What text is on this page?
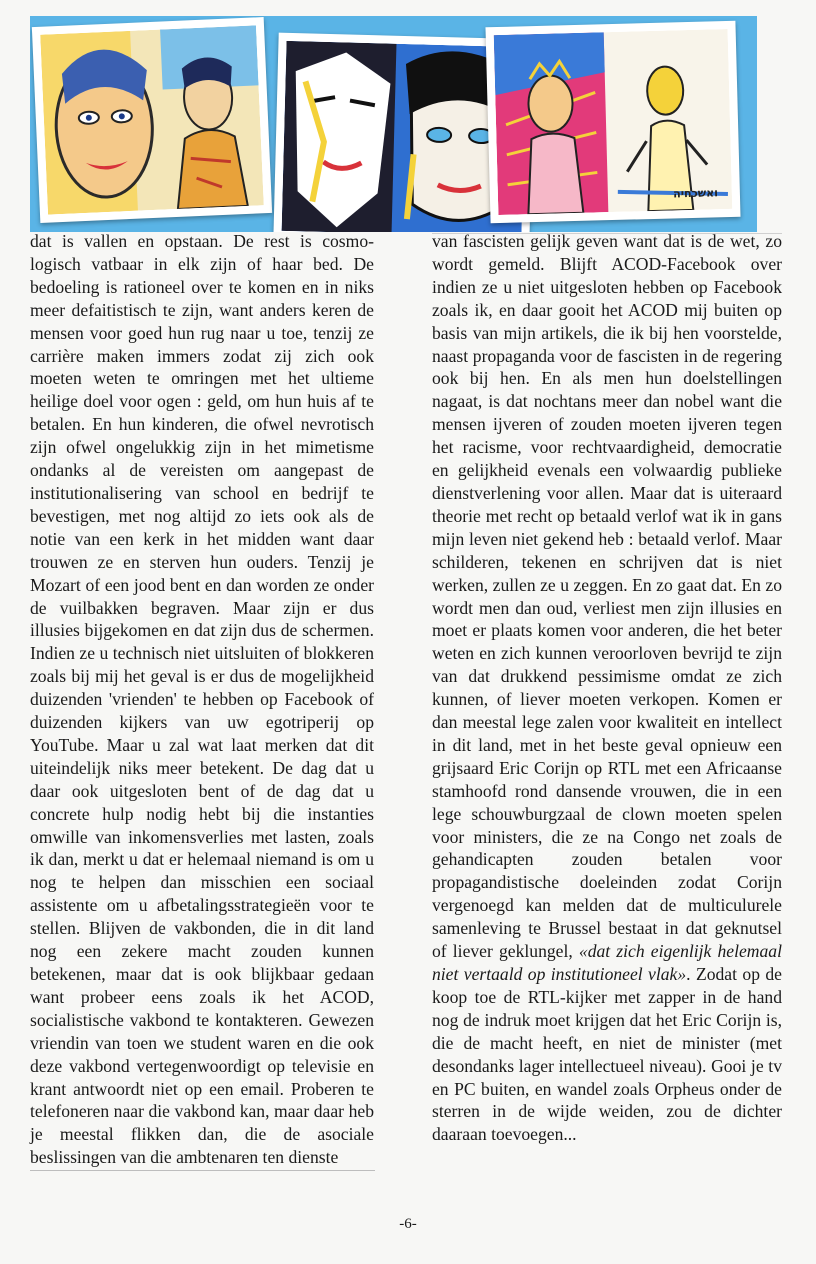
ואשכחיה
dat is vallen en opstaan. De rest is cosmo-logisch vatbaar in elk zijn of haar bed. De bedoeling is rationeel over te komen en in niks meer defaitistisch te zijn, want anders keren de mensen voor goed hun rug naar u toe, tenzij ze carrière maken immers zodat zij zich ook moeten weten te omringen met het ultieme heilige doel voor ogen : geld, om hun huis af te betalen. En hun kinderen, die ofwel nevrotisch zijn ofwel ongelukkig zijn in het mimetisme ondanks al de vereisten om aangepast de institutionalisering van school en bedrijf te bevestigen, met nog altijd zo iets ook als de notie van een kerk in het midden want daar trouwen ze en sterven hun ouders. Tenzij je Mozart of een jood bent en dan worden ze onder de vuilbakken begraven. Maar zijn er dus illusies bijgekomen en dat zijn dus de schermen. Indien ze u technisch niet uitsluiten of blokkeren zoals bij mij het geval is er dus de mogelijkheid duizenden 'vrienden' te hebben op Facebook of duizenden kijkers van uw egotriperij op YouTube. Maar u zal wat laat merken dat dit uiteindelijk niks meer betekent. De dag dat u daar ook uitgesloten bent of de dag dat u concrete hulp nodig hebt bij die instanties omwille van inkomensverlies met lasten, zoals ik dan, merkt u dat er helemaal niemand is om u nog te helpen dan misschien een sociaal assistente om u afbetalingsstrategieën voor te stellen. Blijven de vakbonden, die in dit land nog een zekere macht zouden kunnen betekenen, maar dat is ook blijkbaar gedaan want probeer eens zoals ik het ACOD, socialistische vakbond te kontakteren. Gewezen vriendin van toen we student waren en die ook deze vakbond vertegenwoordigt op televisie en krant antwoordt niet op een email. Proberen te telefoneren naar die vakbond kan, maar daar heb je meestal flikken dan, die de asociale beslissingen van die ambtenaren ten dienste
van fascisten gelijk geven want dat is de wet, zo wordt gemeld. Blijft ACOD-Facebook over indien ze u niet uitgesloten hebben op Facebook zoals ik, en daar gooit het ACOD mij buiten op basis van mijn artikels, die ik bij hen voorstelde, naast propaganda voor de fascisten in de regering ook bij hen. En als men hun doelstellingen nagaat, is dat nochtans meer dan nobel want die mensen ijveren of zouden moeten ijveren tegen het racisme, voor rechtvaardigheid, democratie en gelijkheid evenals een volwaardig publieke dienstverlening voor allen. Maar dat is uiteraard theorie met recht op betaald verlof wat ik in gans mijn leven niet gekend heb : betaald verlof. Maar schilderen, tekenen en schrijven dat is niet werken, zullen ze u zeggen. En zo gaat dat. En zo wordt men dan oud, verliest men zijn illusies en moet er plaats komen voor anderen, die het beter weten en zich kunnen veroorloven bevrijd te zijn van dat drukkend pessimisme omdat ze zich kunnen, of liever moeten verkopen. Komen er dan meestal lege zalen voor kwaliteit en intellect in dit land, met in het beste geval opnieuw een grijsaard Eric Corijn op RTL met een Africaanse stamhoofd rond dansende vrouwen, die in een lege schouwburgzaal de clown moeten spelen voor ministers, die ze na Congo net zoals de gehandicapten zouden betalen voor propagandistische doeleinden zodat Corijn vergenoegd kan melden dat de multiculurele samenleving te Brussel bestaat in dat geknutsel of liever geklungel, «dat zich eigenlijk helemaal niet vertaald op institutioneel vlak». Zodat op de koop toe de RTL-kijker met zapper in de hand nog de indruk moet krijgen dat het Eric Corijn is, die de macht heeft, en niet de minister (met desondanks lager intellectueel niveau). Gooi je tv en PC buiten, en wandel zoals Orpheus onder de sterren in de wijde weiden, zou de dichter daaraan toevoegen...
-6-
